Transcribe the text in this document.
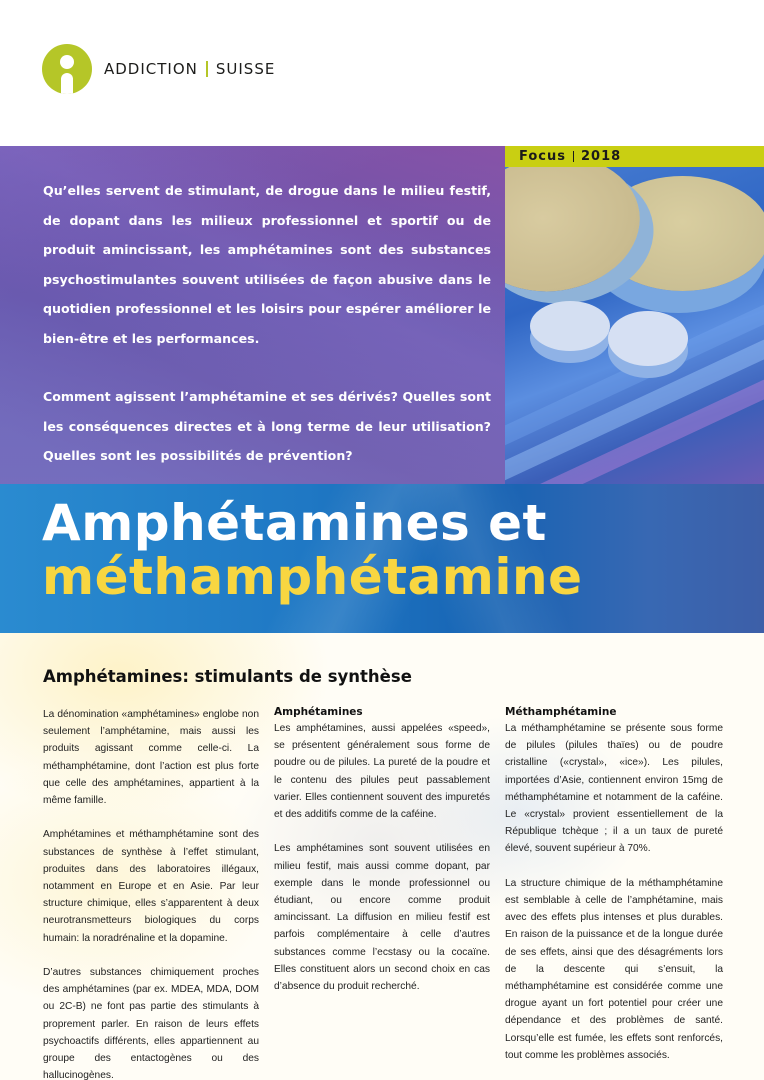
ADDICTION SUISSE

Qu’elles servent de stimulant, de drogue dans le milieu festif, de dopant dans les milieux professionnel et sportif ou de produit amincissant, les amphétamines sont des substances psychostimulantes souvent utilisées de façon abusive dans le quotidien professionnel et les loisirs pour espérer améliorer le bien-être et les performances.

Comment agissent l’amphétamine et ses dérivés? Quelles sont les conséquences directes et à long terme de leur utilisation? Quelles sont les possibilités de prévention?

Focus 2018
Amphétamines et
méthamphétamine
Amphétamines: stimulants de synthèse

La dénomination «amphétamines» englobe non seulement l’amphétamine, mais aussi les produits agissant comme celle-ci. La méthamphétamine, dont l’action est plus forte que celle des amphétamines, appartient à la même famille.

Amphétamines et méthamphétamine sont des substances de synthèse à l’effet stimulant, produites dans des laboratoires illégaux, notamment en Europe et en Asie. Par leur structure chimique, elles s’apparentent à deux neurotransmetteurs biologiques du corps humain: la noradrénaline et la dopamine.

D’autres substances chimiquement proches des amphétamines (par ex. MDEA, MDA, DOM ou 2C-B) ne font pas partie des stimulants à proprement parler. En raison de leurs effets psychoactifs différents, elles appartiennent au groupe des entactogènes ou des hallucinogènes.

Amphétamines

Les amphétamines, aussi appelées «speed», se présentent généralement sous forme de poudre ou de pilules. La pureté de la poudre et le contenu des pilules peut passablement varier. Elles contiennent souvent des impuretés et des additifs comme de la caféine.

Les amphétamines sont souvent utilisées en milieu festif, mais aussi comme dopant, par exemple dans le monde professionnel ou étudiant, ou encore comme produit amincissant. La diffusion en milieu festif est parfois complémentaire à celle d’autres substances comme l’ecstasy ou la cocaïne. Elles constituent alors un second choix en cas d’absence du produit recherché.

Méthamphétamine

La méthamphétamine se présente sous forme de pilules (pilules thaïes) ou de poudre cristalline («crystal», «ice»). Les pilules, importées d’Asie, contiennent environ 15mg de méthamphétamine et notamment de la caféine. Le «crystal» provient essentiellement de la République tchèque ; il a un taux de pureté élevé, souvent supérieur à 70%.

La structure chimique de la méthamphétamine est semblable à celle de l’amphétamine, mais avec des effets plus intenses et plus durables. En raison de la puissance et de la longue durée de ses effets, ainsi que des désagréments lors de la descente qui s’ensuit, la méthamphétamine est considérée comme une drogue ayant un fort potentiel pour créer une dépendance et des problèmes de santé. Lorsqu’elle est fumée, les effets sont renforcés, tout comme les problèmes associés.
